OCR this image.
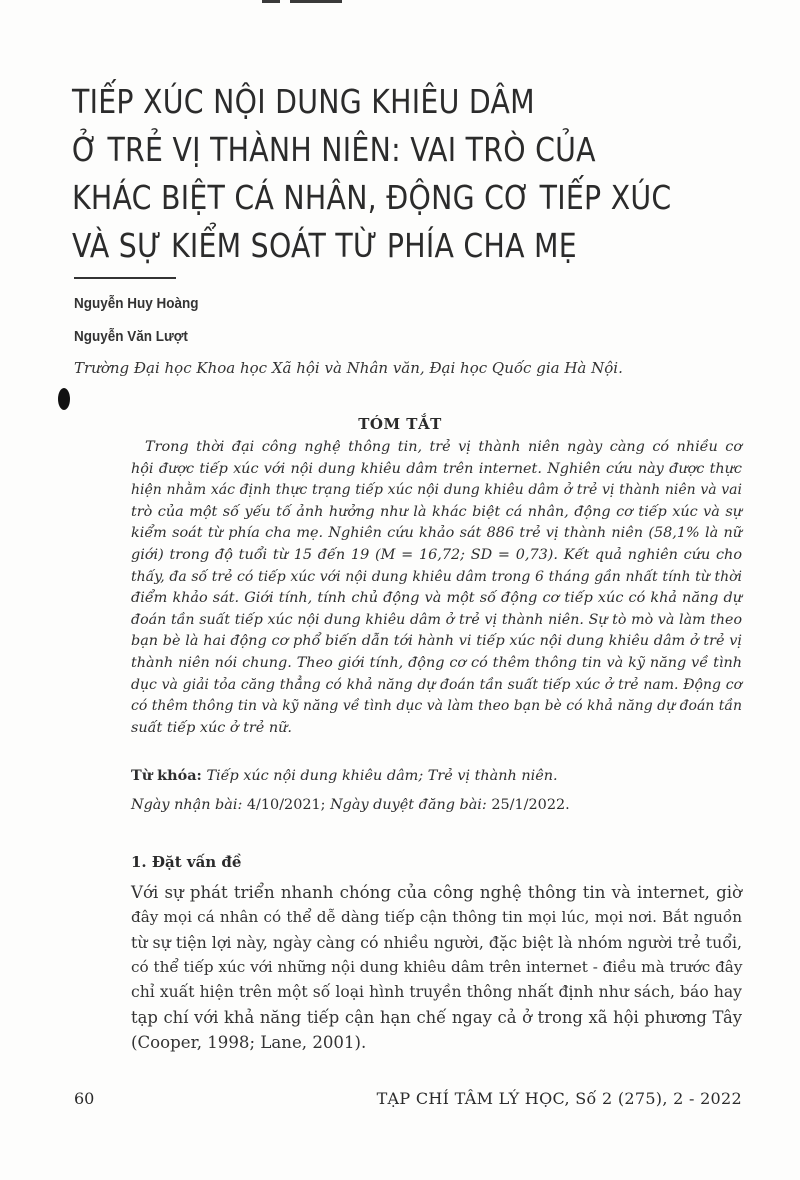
TIẾP XÚC NỘI DUNG KHIÊU DÂM
Ở TRẺ VỊ THÀNH NIÊN: VAI TRÒ CỦA
KHÁC BIỆT CÁ NHÂN, ĐỘNG CƠ TIẾP XÚC
VÀ SỰ KIỂM SOÁT TỪ PHÍA CHA MẸ
Nguyễn Huy Hoàng
Nguyễn Văn Lượt
Trường Đại học Khoa học Xã hội và Nhân văn, Đại học Quốc gia Hà Nội.
TÓM TẮT
Trong thời đại công nghệ thông tin, trẻ vị thành niên ngày càng có nhiều cơ
hội được tiếp xúc với nội dung khiêu dâm trên internet. Nghiên cứu này được thực
hiện nhằm xác định thực trạng tiếp xúc nội dung khiêu dâm ở trẻ vị thành niên và vai
trò của một số yếu tố ảnh hưởng như là khác biệt cá nhân, động cơ tiếp xúc và sự
kiểm soát từ phía cha mẹ. Nghiên cứu khảo sát 886 trẻ vị thành niên (58,1% là nữ
giới) trong độ tuổi từ 15 đến 19 (M = 16,72; SD = 0,73). Kết quả nghiên cứu cho
thấy, đa số trẻ có tiếp xúc với nội dung khiêu dâm trong 6 tháng gần nhất tính từ thời
điểm khảo sát. Giới tính, tính chủ động và một số động cơ tiếp xúc có khả năng dự
đoán tần suất tiếp xúc nội dung khiêu dâm ở trẻ vị thành niên. Sự tò mò và làm theo
bạn bè là hai động cơ phổ biến dẫn tới hành vi tiếp xúc nội dung khiêu dâm ở trẻ vị
thành niên nói chung. Theo giới tính, động cơ có thêm thông tin và kỹ năng về tình
dục và giải tỏa căng thẳng có khả năng dự đoán tần suất tiếp xúc ở trẻ nam. Động cơ
có thêm thông tin và kỹ năng về tình dục và làm theo bạn bè có khả năng dự đoán tần
suất tiếp xúc ở trẻ nữ.
Từ khóa: Tiếp xúc nội dung khiêu dâm; Trẻ vị thành niên.
Ngày nhận bài: 4/10/2021; Ngày duyệt đăng bài: 25/1/2022.
1. Đặt vấn đề
Với sự phát triển nhanh chóng của công nghệ thông tin và internet, giờ
đây mọi cá nhân có thể dễ dàng tiếp cận thông tin mọi lúc, mọi nơi. Bắt nguồn
từ sự tiện lợi này, ngày càng có nhiều người, đặc biệt là nhóm người trẻ tuổi,
có thể tiếp xúc với những nội dung khiêu dâm trên internet - điều mà trước đây
chỉ xuất hiện trên một số loại hình truyền thông nhất định như sách, báo hay
tạp chí với khả năng tiếp cận hạn chế ngay cả ở trong xã hội phương Tây
(Cooper, 1998; Lane, 2001).
60	TẠP CHÍ TÂM LÝ HỌC, Số 2 (275), 2 - 2022
